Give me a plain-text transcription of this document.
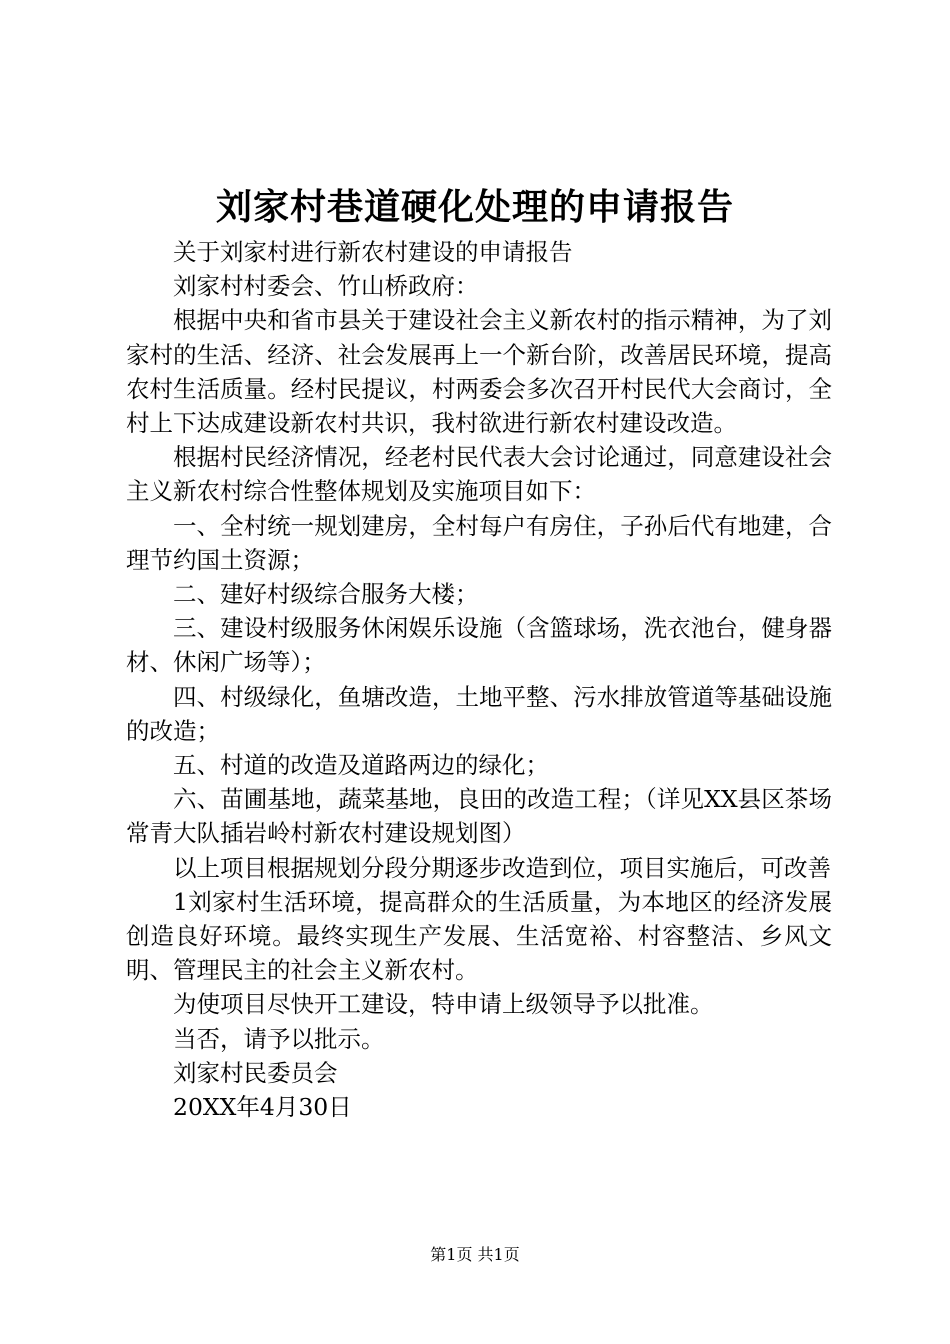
刘家村巷道硬化处理的申请报告

关于刘家村进行新农村建设的申请报告

刘家村村委会、竹山桥政府：

根据中央和省市县关于建设社会主义新农村的指示精神，为了刘家村的生活、经济、社会发展再上一个新台阶，改善居民环境，提高农村生活质量。经村民提议，村两委会多次召开村民代大会商讨，全村上下达成建设新农村共识，我村欲进行新农村建设改造。

根据村民经济情况，经老村民代表大会讨论通过，同意建设社会主义新农村综合性整体规划及实施项目如下：

一、全村统一规划建房，全村每户有房住，子孙后代有地建，合理节约国土资源；

二、建好村级综合服务大楼；

三、建设村级服务休闲娱乐设施（含篮球场，洗衣池台，健身器材、休闲广场等）；

四、村级绿化，鱼塘改造，土地平整、污水排放管道等基础设施的改造；

五、村道的改造及道路两边的绿化；

六、苗圃基地，蔬菜基地，良田的改造工程；（详见XX县区茶场常青大队插岩岭村新农村建设规划图）

以上项目根据规划分段分期逐步改造到位，项目实施后，可改善

1刘家村生活环境，提高群众的生活质量，为本地区的经济发展创造良好环境。最终实现生产发展、生活宽裕、村容整洁、乡风文明、管理民主的社会主义新农村。

为使项目尽快开工建设，特申请上级领导予以批准。

当否，请予以批示。

刘家村民委员会

20XX年4月30日

第1页 共1页
